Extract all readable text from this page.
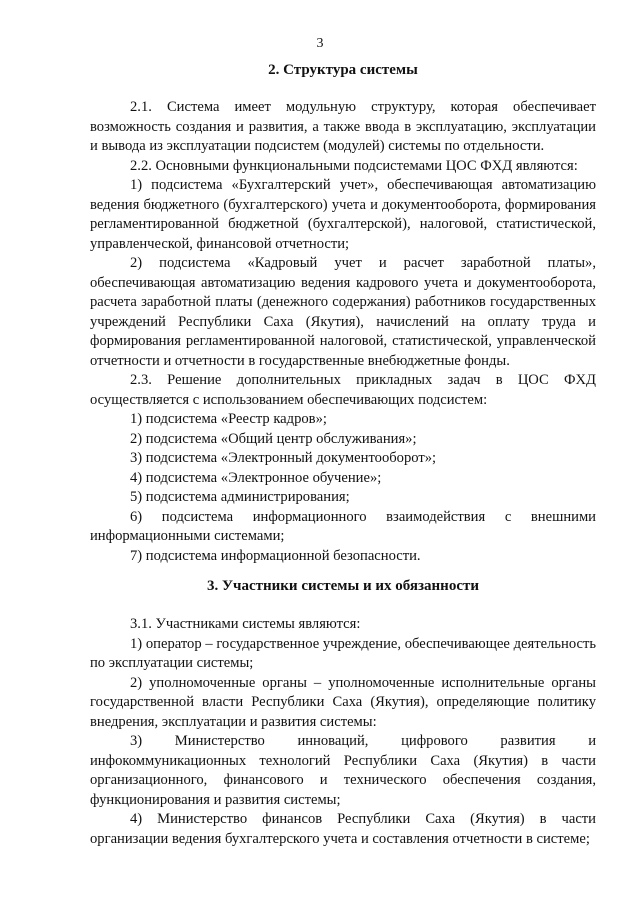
3
2. Структура системы

2.1. Система имеет модульную структуру, которая обеспечивает возможность создания и развития, а также ввода в эксплуатацию, эксплуатации и вывода из эксплуатации подсистем (модулей) системы по отдельности.

2.2. Основными функциональными подсистемами ЦОС ФХД являются:

1) подсистема «Бухгалтерский учет», обеспечивающая автоматизацию ведения бюджетного (бухгалтерского) учета и документооборота, формирования регламентированной бюджетной (бухгалтерской), налоговой, статистической, управленческой, финансовой отчетности;

2) подсистема «Кадровый учет и расчет заработной платы», обеспечивающая автоматизацию ведения кадрового учета и документооборота, расчета заработной платы (денежного содержания) работников государственных учреждений Республики Саха (Якутия), начислений на оплату труда и формирования регламентированной налоговой, статистической, управленческой отчетности и отчетности в государственные внебюджетные фонды.

2.3. Решение дополнительных прикладных задач в ЦОС ФХД осуществляется с использованием обеспечивающих подсистем:

1) подсистема «Реестр кадров»;

2) подсистема «Общий центр обслуживания»;

3) подсистема «Электронный документооборот»;

4) подсистема «Электронное обучение»;

5) подсистема администрирования;

6) подсистема информационного взаимодействия с внешними информационными системами;

7) подсистема информационной безопасности.

3. Участники системы и их обязанности

3.1. Участниками системы являются:

1) оператор – государственное учреждение, обеспечивающее деятельность по эксплуатации системы;

2) уполномоченные органы – уполномоченные исполнительные органы государственной власти Республики Саха (Якутия), определяющие политику внедрения, эксплуатации и развития системы:

3) Министерство инноваций, цифрового развития и инфокоммуникационных технологий Республики Саха (Якутия) в части организационного, финансового и технического обеспечения создания, функционирования и развития системы;

4) Министерство финансов Республики Саха (Якутия) в части организации ведения бухгалтерского учета и составления отчетности в системе;
